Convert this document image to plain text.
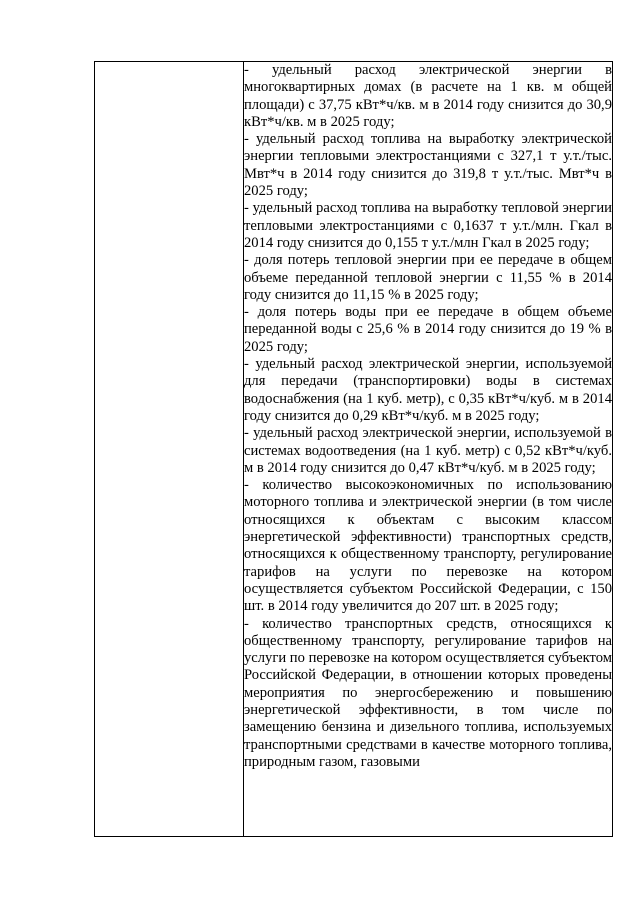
- удельный расход электрической энергии в многоквартирных домах (в расчете на 1 кв. м общей площади) с 37,75 кВт*ч/кв. м в 2014 году снизится до 30,9 кВт*ч/кв. м в 2025 году;

- удельный расход топлива на выработку электрической энергии тепловыми электростанциями с 327,1 т у.т./тыс. Мвт*ч в 2014 году снизится до 319,8 т у.т./тыс. Мвт*ч в 2025 году;

- удельный расход топлива на выработку тепловой энергии тепловыми электростанциями с 0,1637 т у.т./млн. Гкал в 2014 году снизится до 0,155 т у.т./млн Гкал в 2025 году;

- доля потерь тепловой энергии при ее передаче в общем объеме переданной тепловой энергии с 11,55 % в 2014 году снизится до 11,15 % в 2025 году;

- доля потерь воды при ее передаче в общем объеме переданной воды с 25,6 % в 2014 году снизится до 19 % в 2025 году;

- удельный расход электрической энергии, используемой для передачи (транспортировки) воды в системах водоснабжения (на 1 куб. метр), с 0,35 кВт*ч/куб. м в 2014 году снизится до 0,29 кВт*ч/куб. м в 2025 году;

- удельный расход электрической энергии, используемой в системах водоотведения (на 1 куб. метр) с 0,52 кВт*ч/куб. м в 2014 году снизится до 0,47 кВт*ч/куб. м в 2025 году;

- количество высокоэкономичных по использованию моторного топлива и электрической энергии (в том числе относящихся к объектам с высоким классом энергетической эффективности) транспортных средств, относящихся к общественному транспорту, регулирование тарифов на услуги по перевозке на котором осуществляется субъектом Российской Федерации, с 150 шт. в 2014 году увеличится до 207 шт. в 2025 году;

- количество транспортных средств, относящихся к общественному транспорту, регулирование тарифов на услуги по перевозке на котором осуществляется субъектом Российской Федерации, в отношении которых проведены мероприятия по энергосбережению и повышению энергетической эффективности, в том числе по замещению бензина и дизельного топлива, используемых транспортными средствами в качестве моторного топлива, природным газом, газовыми
